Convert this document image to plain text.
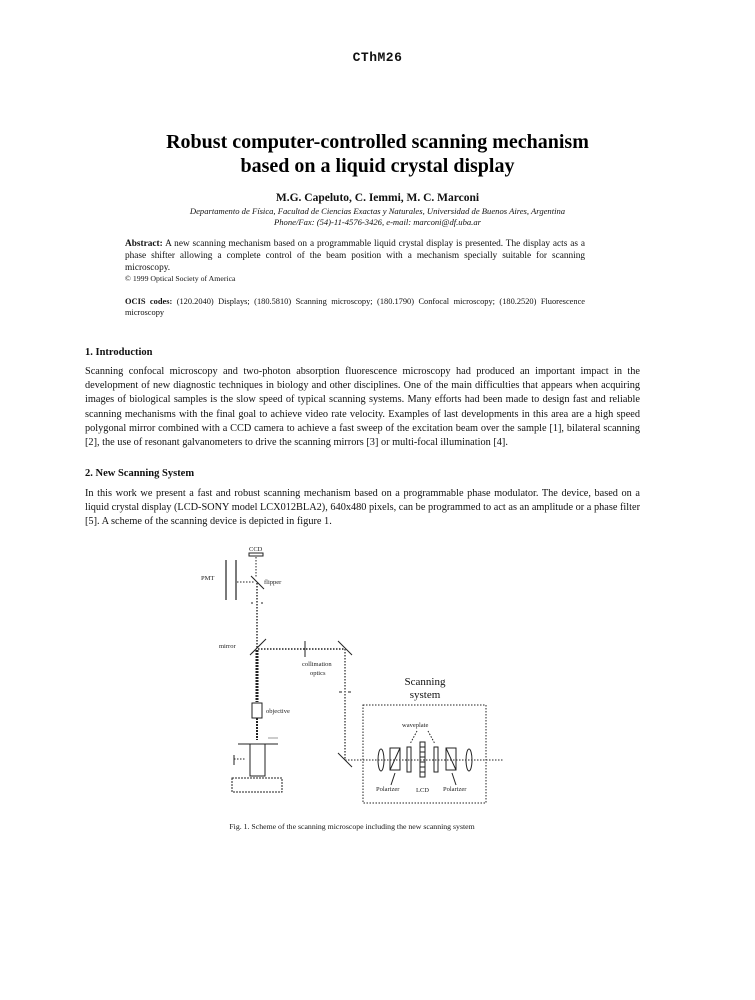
CThM26
Robust computer-controlled scanning mechanism
based on a liquid crystal display
M.G. Capeluto, C. Iemmi, M. C. Marconi
Departamento de Física, Facultad de Ciencias Exactas y Naturales, Universidad de Buenos Aires, Argentina
Phone/Fax: (54)-11-4576-3426, e-mail: marconi@df.uba.ar
Abstract: A new scanning mechanism based on a programmable liquid crystal display is presented. The display acts as a phase shifter allowing a complete control of the beam position with a mechanism specially suitable for scanning microscopy.
© 1999 Optical Society of America
OCIS codes: (120.2040) Displays; (180.5810) Scanning microscopy; (180.1790) Confocal microscopy; (180.2520) Fluorescence microscopy
1. Introduction
Scanning confocal microscopy and two-photon absorption fluorescence microscopy had produced an important impact in the development of new diagnostic techniques in biology and other disciplines. One of the main difficulties that appears when acquiring images of biological samples is the slow speed of typical scanning systems. Many efforts had been made to design fast and reliable scanning mechanisms with the final goal to achieve video rate velocity. Examples of last developments in this area are a high speed polygonal mirror combined with a CCD camera to achieve a fast sweep of the excitation beam over the sample [1], bilateral scanning [2], the use of resonant galvanometers to drive the scanning mirrors [3] or multi-focal illumination [4].
2. New Scanning System
In this work we present a fast and robust scanning mechanism based on a programmable phase modulator. The device, based on a liquid crystal display (LCD-SONY model LCX012BLA2), 640x480 pixels, can be programmed to act as an amplitude or a phase filter [5]. A scheme of the scanning device is depicted in figure 1.
CCD
PMT
flipper
mirror
collimation
optics
objective
waveplate
Polarizer	LCD Polarizer
Scanning
system
Fig. 1. Scheme of the scanning microscope including the new scanning system
